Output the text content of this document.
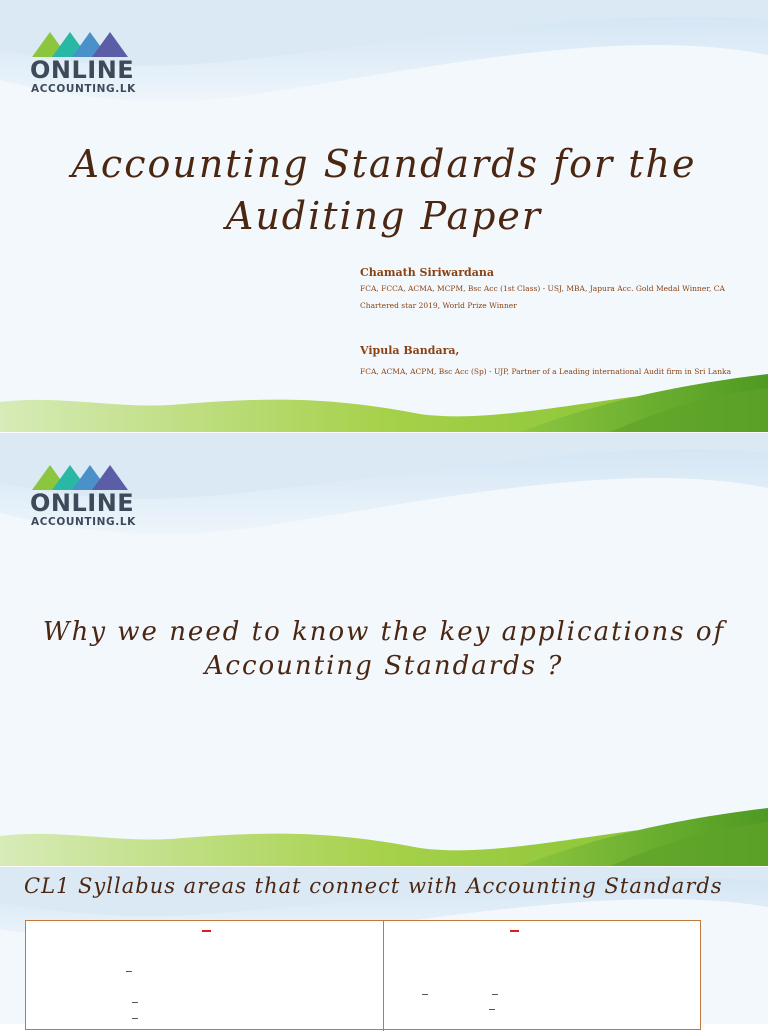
ONLINE
ACCOUNTING.LK
Accounting Standards for the Auditing Paper
Chamath Siriwardana
FCA, FCCA, ACMA, MCPM, Bsc Acc (1st Class) - USJ, MBA, Japura Acc. Gold Medal Winner, CA Chartered star 2019, World Prize Winner
Vipula Bandara,
FCA, ACMA, ACPM, Bsc Acc (Sp) - UJP, Partner of a Leading international Audit firm in Sri Lanka
ONLINE
ACCOUNTING.LK
Why we need to know the key applications of Accounting Standards ?
CL1 Syllabus areas that connect with Accounting Standards
